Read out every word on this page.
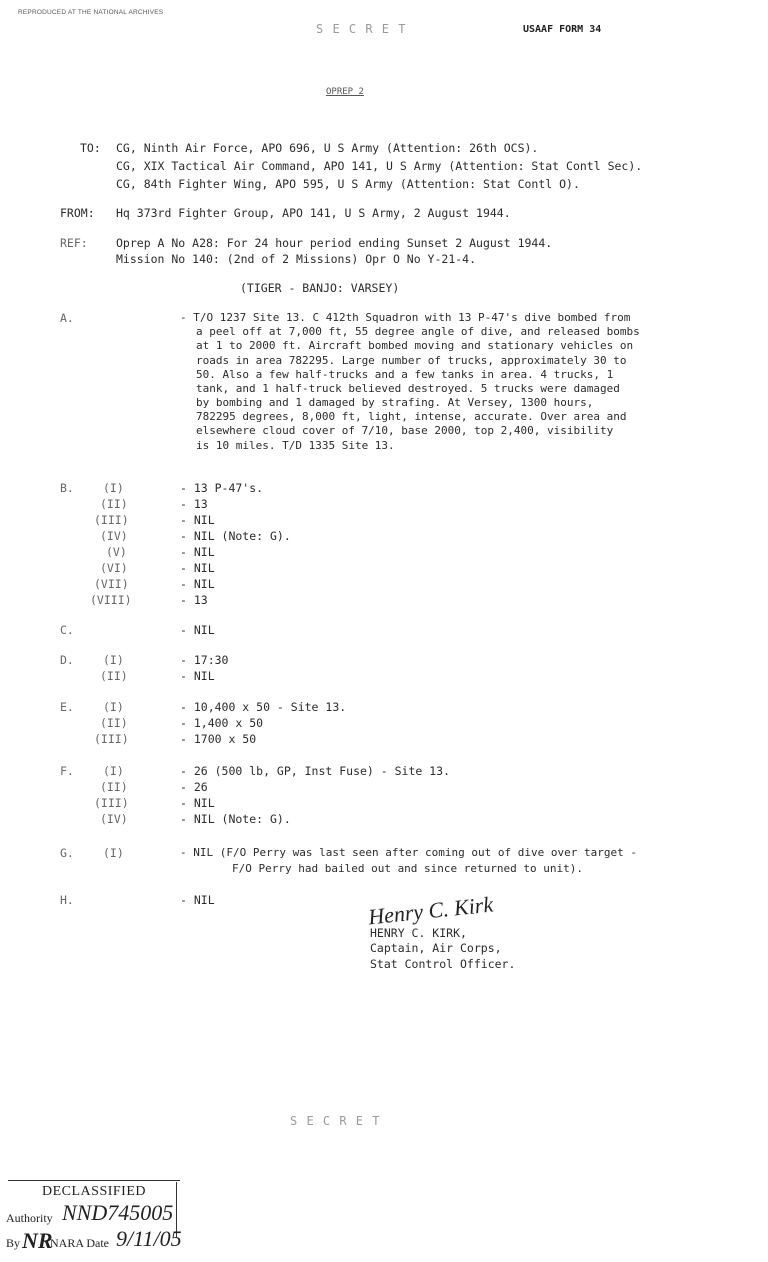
REPRODUCED AT THE NATIONAL ARCHIVES
S E C R E T	USAAF FORM 34
OPREP 2
TO: CG, Ninth Air Force, APO 696, U S Army (Attention: 26th OCS).
CG, XIX Tactical Air Command, APO 141, U S Army (Attention: Stat Contl Sec).
CG, 84th Fighter Wing, APO 595, U S Army (Attention: Stat Contl O).
FROM: Hq 373rd Fighter Group, APO 141, U S Army, 2 August 1944.
REF: Oprep A No A28: For 24 hour period ending Sunset 2 August 1944.
Mission No 140: (2nd of 2 Missions) Opr O No Y-21-4.
(TIGER - BANJO: VARSEY)
A.	- T/O 1237 Site 13. C 412th Squadron with 13 P-47's dive bombed from
a peel off at 7,000 ft, 55 degree angle of dive, and released bombs
at 1 to 2000 ft. Aircraft bombed moving and stationary vehicles on
roads in area 782295. Large number of trucks, approximately 30 to
50. Also a few half-trucks and a few tanks in area. 4 trucks, 1
tank, and 1 half-truck believed destroyed. 5 trucks were damaged
by bombing and 1 damaged by strafing. At Versey, 1300 hours,
782295 degrees, 8,000 ft, light, intense, accurate. Over area and
elsewhere cloud cover of 7/10, base 2000, top 2,400, visibility
is 10 miles. T/D 1335 Site 13.
B.	(I)	- 13 P-47's.
(II)	- 13
(III)	- NIL
(IV)	- NIL (Note: G).
(V)	- NIL
(VI)	- NIL
(VII)	- NIL
(VIII)	- 13
C.	- NIL
D.	(I)	- 17:30
(II)	- NIL
E.	(I)	- 10,400 x 50 - Site 13.
(II)	- 1,400 x 50
(III)	- 1700 x 50
F.	(I)	- 26 (500 lb, GP, Inst Fuse) - Site 13.
(II)	- 26
(III)	- NIL
(IV)	- NIL (Note: G).
G.	(I)	- NIL (F/O Perry was last seen after coming out of dive over target -
F/O Perry had bailed out and since returned to unit).
H.	- NIL	Henry C. Kirk
HENRY C. KIRK,
Captain, Air Corps,
Stat Control Officer.
S E C R E T
DECLASSIFIED
Authority NND745005
By NR
NARA Date 9/11/05
